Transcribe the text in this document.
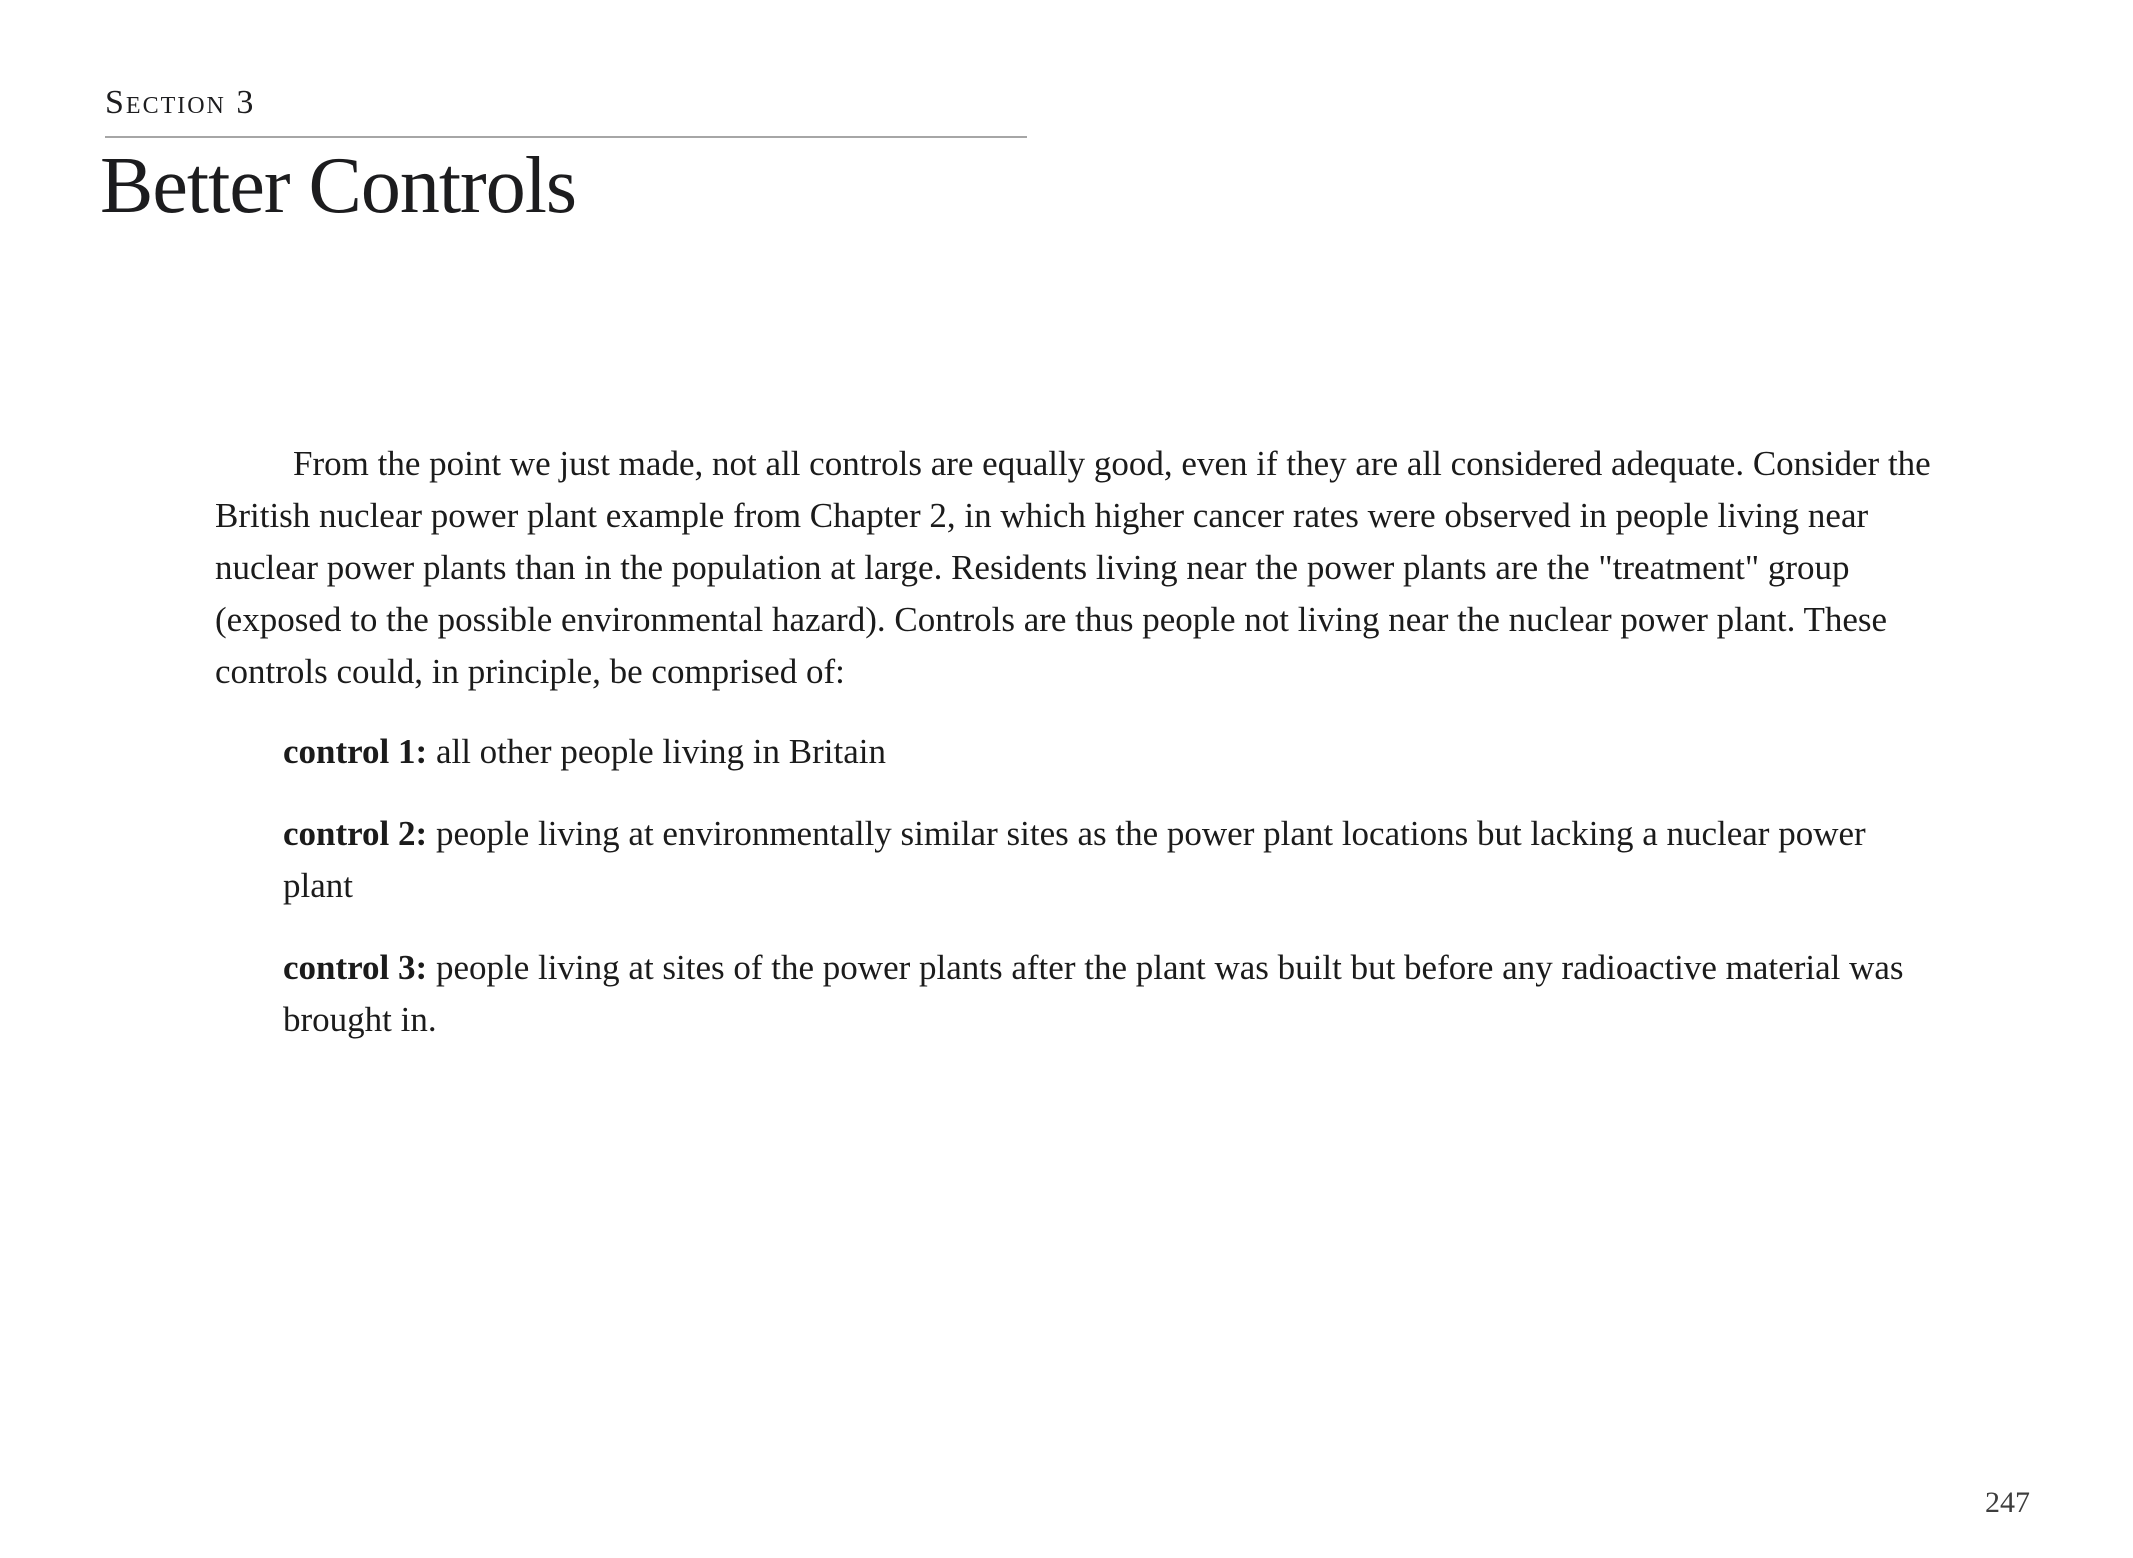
Section 3
Better Controls

From the point we just made, not all controls are equally good, even if they are all considered adequate. Consider the British nuclear power plant example from Chapter 2, in which higher cancer rates were observed in people living near nuclear power plants than in the population at large. Residents living near the power plants are the "treatment" group (exposed to the possible environmental hazard). Controls are thus people not living near the nuclear power plant. These controls could, in principle, be comprised of:

control 1: all other people living in Britain

control 2: people living at environmentally similar sites as the power plant locations but lacking a nuclear power plant

control 3: people living at sites of the power plants after the plant was built but before any radioactive material was brought in.

247
